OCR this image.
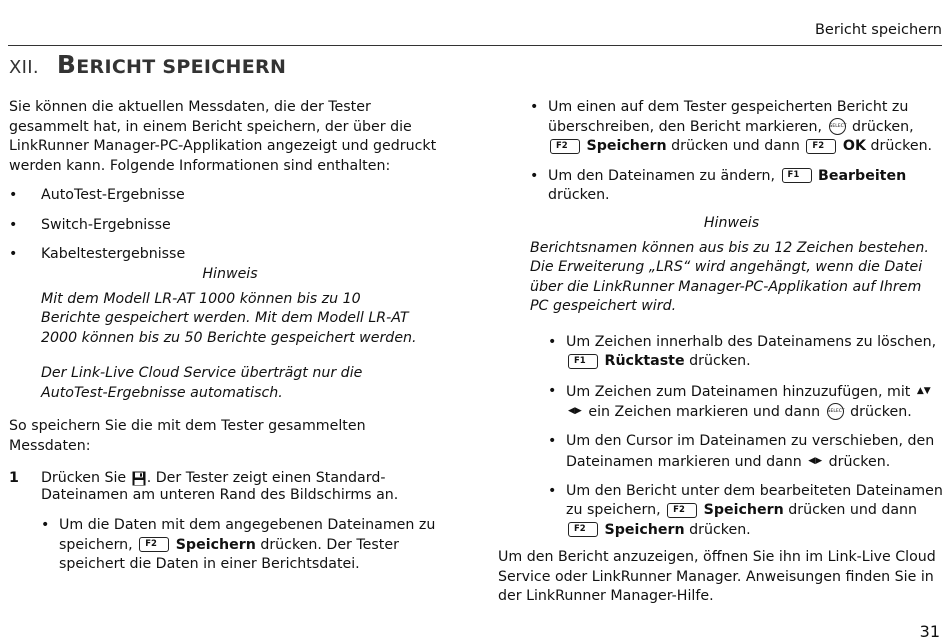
Bericht speichern
XII. BERICHT SPEICHERN

Sie können die aktuellen Messdaten, die der Tester gesammelt hat, in einem Bericht speichern, der über die LinkRunner Manager-PC-Applikation angezeigt und gedruckt werden kann. Folgende Informationen sind enthalten:

• AutoTest-Ergebnisse
• Switch-Ergebnisse
• Kabeltestergebnisse
Hinweis

Mit dem Modell LR-AT 1000 können bis zu 10 Berichte gespeichert werden. Mit dem Modell LR-AT 2000 können bis zu 50 Berichte gespeichert werden.

Der Link-Live Cloud Service überträgt nur die AutoTest-Ergebnisse automatisch.

So speichern Sie die mit dem Tester gesammelten Messdaten:

1 Drücken Sie . Der Tester zeigt einen Standard-Dateinamen am unteren Rand des Bildschirms an.
• Um die Daten mit dem angegebenen Dateinamen zu speichern, F2 Speichern drücken. Der Tester speichert die Daten in einer Berichtsdatei.
• Um einen auf dem Tester gespeicherten Bericht zu überschreiben, den Bericht markieren, SELECT drücken, F2 Speichern drücken und dann F2 OK drücken.
• Um den Dateinamen zu ändern, F1 Bearbeiten drücken.
Hinweis

Berichtsnamen können aus bis zu 12 Zeichen bestehen. Die Erweiterung „LRS“ wird angehängt, wenn die Datei über die LinkRunner Manager-PC-Applikation auf Ihrem PC gespeichert wird.

• Um Zeichen innerhalb des Dateinamens zu löschen, F1 Rücktaste drücken.
• Um Zeichen zum Dateinamen hinzuzufügen, mit ▲▼ ◀▶ ein Zeichen markieren und dann SELECT drücken.
• Um den Cursor im Dateinamen zu verschieben, den Dateinamen markieren und dann ◀▶ drücken.
• Um den Bericht unter dem bearbeiteten Dateinamen zu speichern, F2 Speichern drücken und dann F2 Speichern drücken.

Um den Bericht anzuzeigen, öffnen Sie ihn im Link-Live Cloud Service oder LinkRunner Manager. Anweisungen finden Sie in der LinkRunner Manager-Hilfe.

31
